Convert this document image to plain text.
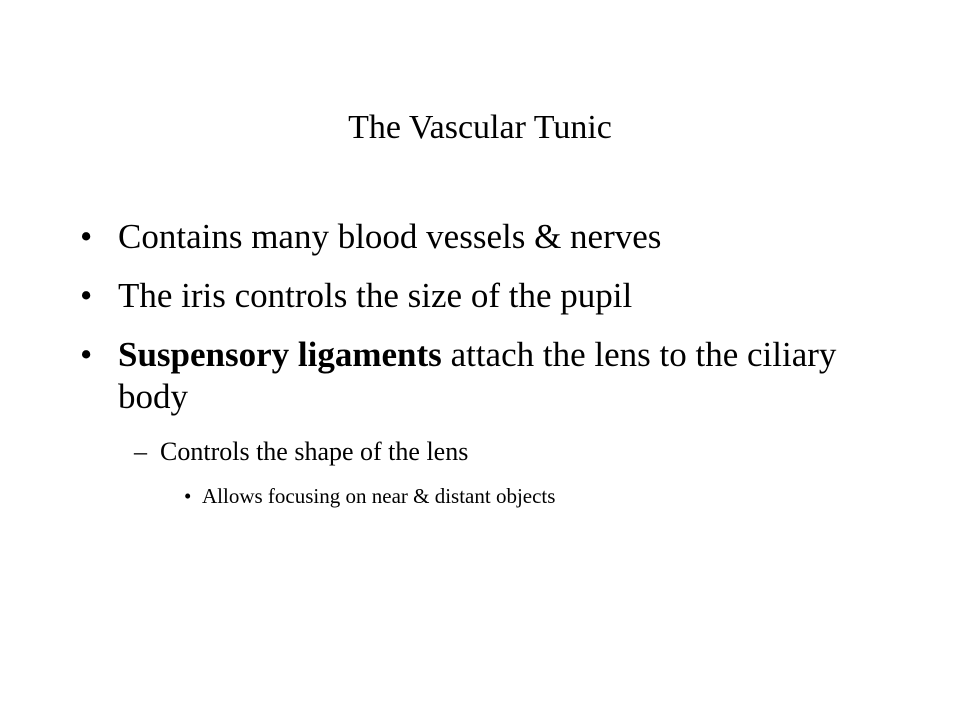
The Vascular Tunic
• Contains many blood vessels & nerves
• The iris controls the size of the pupil
• Suspensory ligaments attach the lens to the ciliary body
– Controls the shape of the lens
• Allows focusing on near & distant objects
